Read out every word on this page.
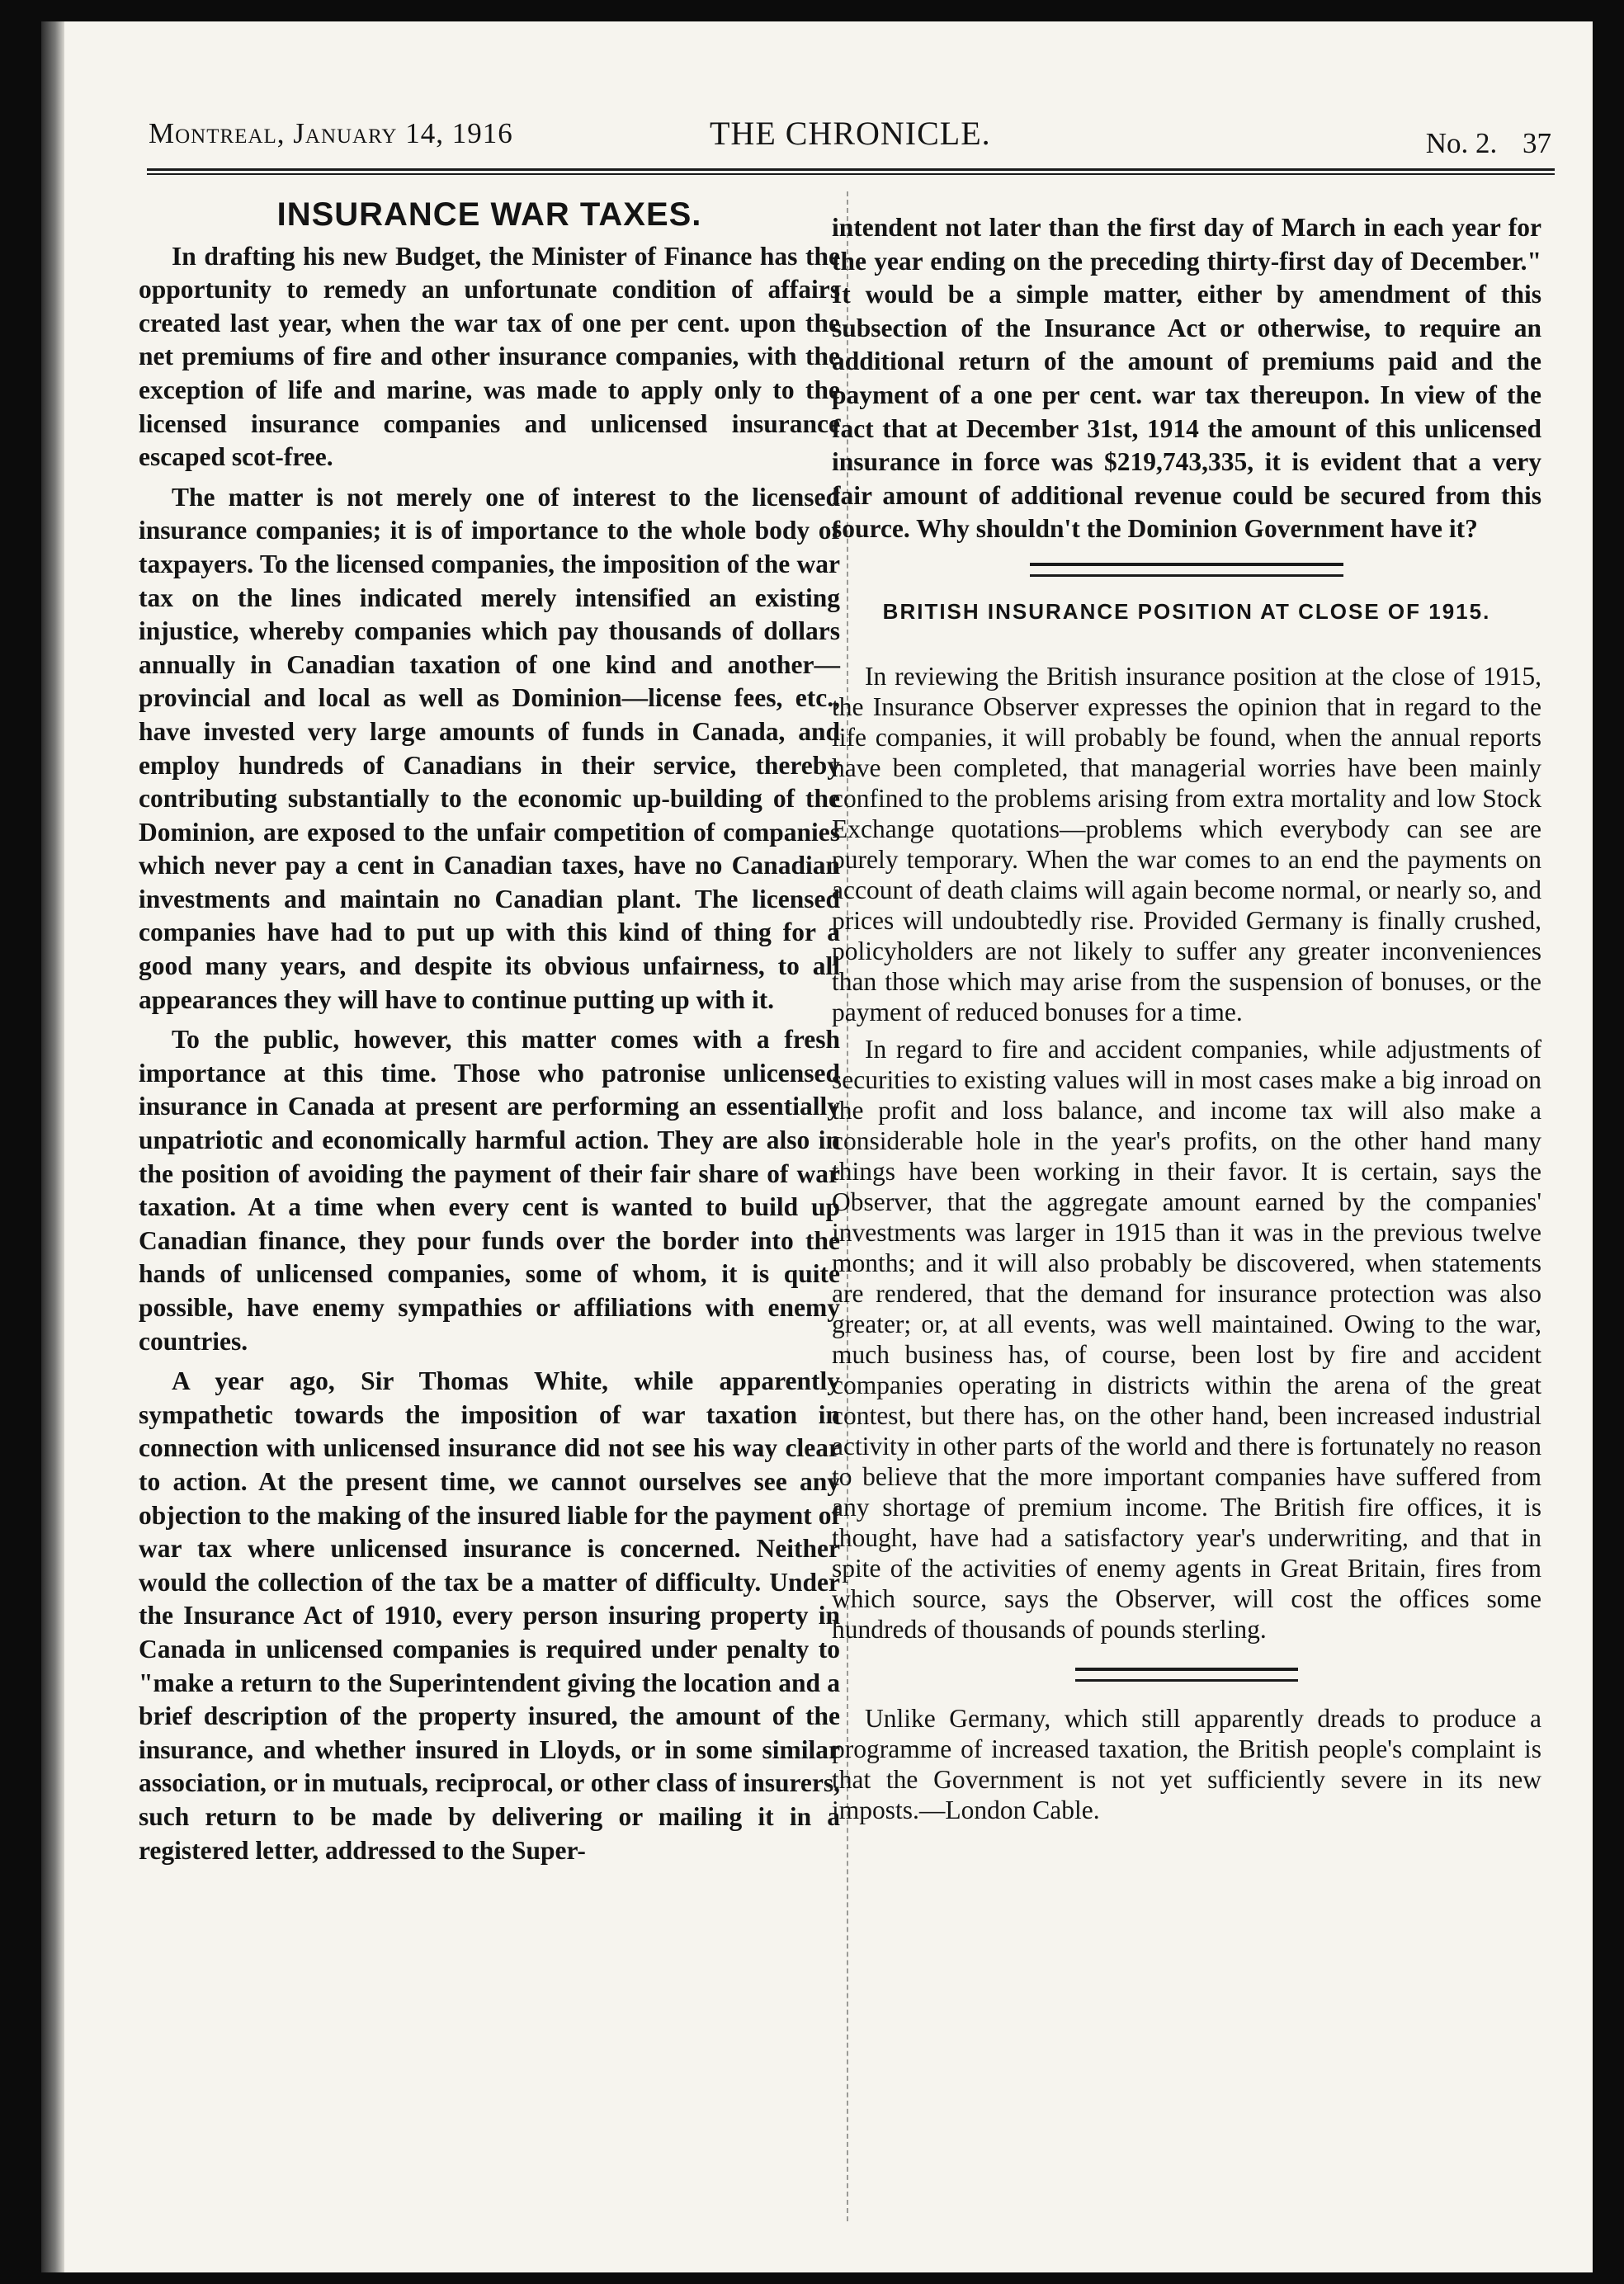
Montreal, January 14, 1916	THE CHRONICLE.	No. 2. 37
INSURANCE WAR TAXES.

In drafting his new Budget, the Minister of Finance has the opportunity to remedy an unfortunate condition of affairs created last year, when the war tax of one per cent. upon the net premiums of fire and other insurance companies, with the exception of life and marine, was made to apply only to the licensed insurance companies and unlicensed insurance escaped scot-free.

The matter is not merely one of interest to the licensed insurance companies; it is of importance to the whole body of taxpayers. To the licensed companies, the imposition of the war tax on the lines indicated merely intensified an existing injustice, whereby companies which pay thousands of dollars annually in Canadian taxation of one kind and another—provincial and local as well as Dominion—license fees, etc., have invested very large amounts of funds in Canada, and employ hundreds of Canadians in their service, thereby contributing substantially to the economic up-building of the Dominion, are exposed to the unfair competition of companies which never pay a cent in Canadian taxes, have no Canadian investments and maintain no Canadian plant. The licensed companies have had to put up with this kind of thing for a good many years, and despite its obvious unfairness, to all appearances they will have to continue putting up with it.

To the public, however, this matter comes with a fresh importance at this time. Those who patronise unlicensed insurance in Canada at present are performing an essentially unpatriotic and economically harmful action. They are also in the position of avoiding the payment of their fair share of war taxation. At a time when every cent is wanted to build up Canadian finance, they pour funds over the border into the hands of unlicensed companies, some of whom, it is quite possible, have enemy sympathies or affiliations with enemy countries.

A year ago, Sir Thomas White, while apparently sympathetic towards the imposition of war taxation in connection with unlicensed insurance did not see his way clear to action. At the present time, we cannot ourselves see any objection to the making of the insured liable for the payment of war tax where unlicensed insurance is concerned. Neither would the collection of the tax be a matter of difficulty. Under the Insurance Act of 1910, every person insuring property in Canada in unlicensed companies is required under penalty to "make a return to the Superintendent giving the location and a brief description of the property insured, the amount of the insurance, and whether insured in Lloyds, or in some similar association, or in mutuals, reciprocal, or other class of insurers, such return to be made by delivering or mailing it in a registered letter, addressed to the Super-

intendent not later than the first day of March in each year for the year ending on the preceding thirty-first day of December." It would be a simple matter, either by amendment of this subsection of the Insurance Act or otherwise, to require an additional return of the amount of premiums paid and the payment of a one per cent. war tax thereupon. In view of the fact that at December 31st, 1914 the amount of this unlicensed insurance in force was $219,743,335, it is evident that a very fair amount of additional revenue could be secured from this source. Why shouldn't the Dominion Government have it?

BRITISH INSURANCE POSITION AT CLOSE OF 1915.

In reviewing the British insurance position at the close of 1915, the Insurance Observer expresses the opinion that in regard to the life companies, it will probably be found, when the annual reports have been completed, that managerial worries have been mainly confined to the problems arising from extra mortality and low Stock Exchange quotations—problems which everybody can see are purely temporary. When the war comes to an end the payments on account of death claims will again become normal, or nearly so, and prices will undoubtedly rise. Provided Germany is finally crushed, policyholders are not likely to suffer any greater inconveniences than those which may arise from the suspension of bonuses, or the payment of reduced bonuses for a time.

In regard to fire and accident companies, while adjustments of securities to existing values will in most cases make a big inroad on the profit and loss balance, and income tax will also make a considerable hole in the year's profits, on the other hand many things have been working in their favor. It is certain, says the Observer, that the aggregate amount earned by the companies' investments was larger in 1915 than it was in the previous twelve months; and it will also probably be discovered, when statements are rendered, that the demand for insurance protection was also greater; or, at all events, was well maintained. Owing to the war, much business has, of course, been lost by fire and accident companies operating in districts within the arena of the great contest, but there has, on the other hand, been increased industrial activity in other parts of the world and there is fortunately no reason to believe that the more important companies have suffered from any shortage of premium income. The British fire offices, it is thought, have had a satisfactory year's underwriting, and that in spite of the activities of enemy agents in Great Britain, fires from which source, says the Observer, will cost the offices some hundreds of thousands of pounds sterling.

Unlike Germany, which still apparently dreads to produce a programme of increased taxation, the British people's complaint is that the Government is not yet sufficiently severe in its new imposts.—London Cable.
